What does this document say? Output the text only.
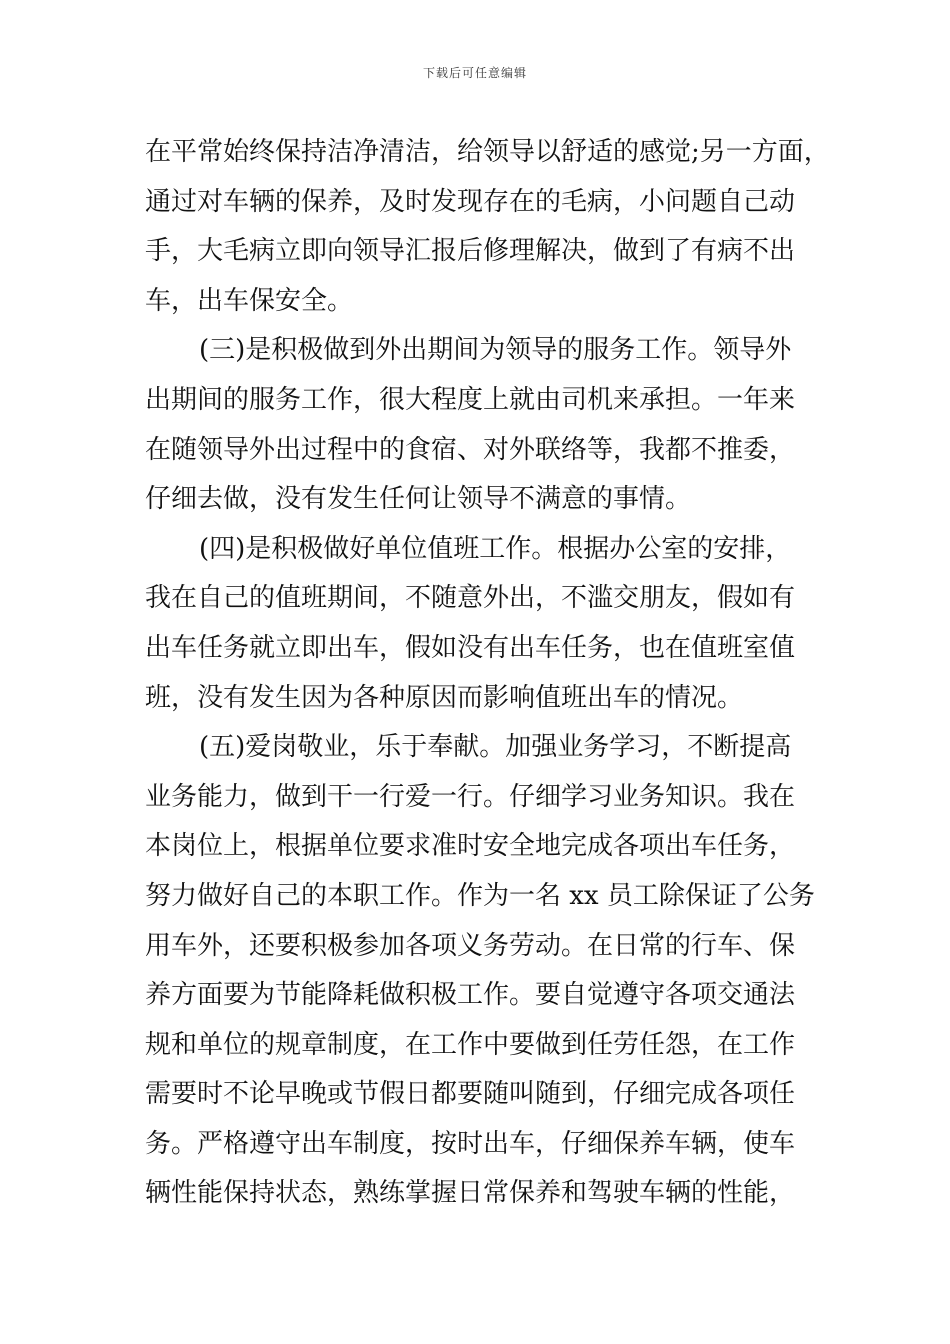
下载后可任意编辑
在平常始终保持洁净清洁，给领导以舒适的感觉;另一方面，
通过对车辆的保养，及时发现存在的毛病，小问题自己动
手，大毛病立即向领导汇报后修理解决，做到了有病不出
车，出车保安全。
(三)是积极做到外出期间为领导的服务工作。领导外
出期间的服务工作，很大程度上就由司机来承担。一年来
在随领导外出过程中的食宿、对外联络等，我都不推委，
仔细去做，没有发生任何让领导不满意的事情。
(四)是积极做好单位值班工作。根据办公室的安排，
我在自己的值班期间，不随意外出，不滥交朋友，假如有
出车任务就立即出车，假如没有出车任务，也在值班室值
班，没有发生因为各种原因而影响值班出车的情况。
(五)爱岗敬业，乐于奉献。加强业务学习，不断提高
业务能力，做到干一行爱一行。仔细学习业务知识。我在
本岗位上，根据单位要求准时安全地完成各项出车任务，
努力做好自己的本职工作。作为一名 xx 员工除保证了公务
用车外，还要积极参加各项义务劳动。在日常的行车、保
养方面要为节能降耗做积极工作。要自觉遵守各项交通法
规和单位的规章制度，在工作中要做到任劳任怨，在工作
需要时不论早晚或节假日都要随叫随到，仔细完成各项任
务。严格遵守出车制度，按时出车，仔细保养车辆，使车
辆性能保持状态，熟练掌握日常保养和驾驶车辆的性能，
